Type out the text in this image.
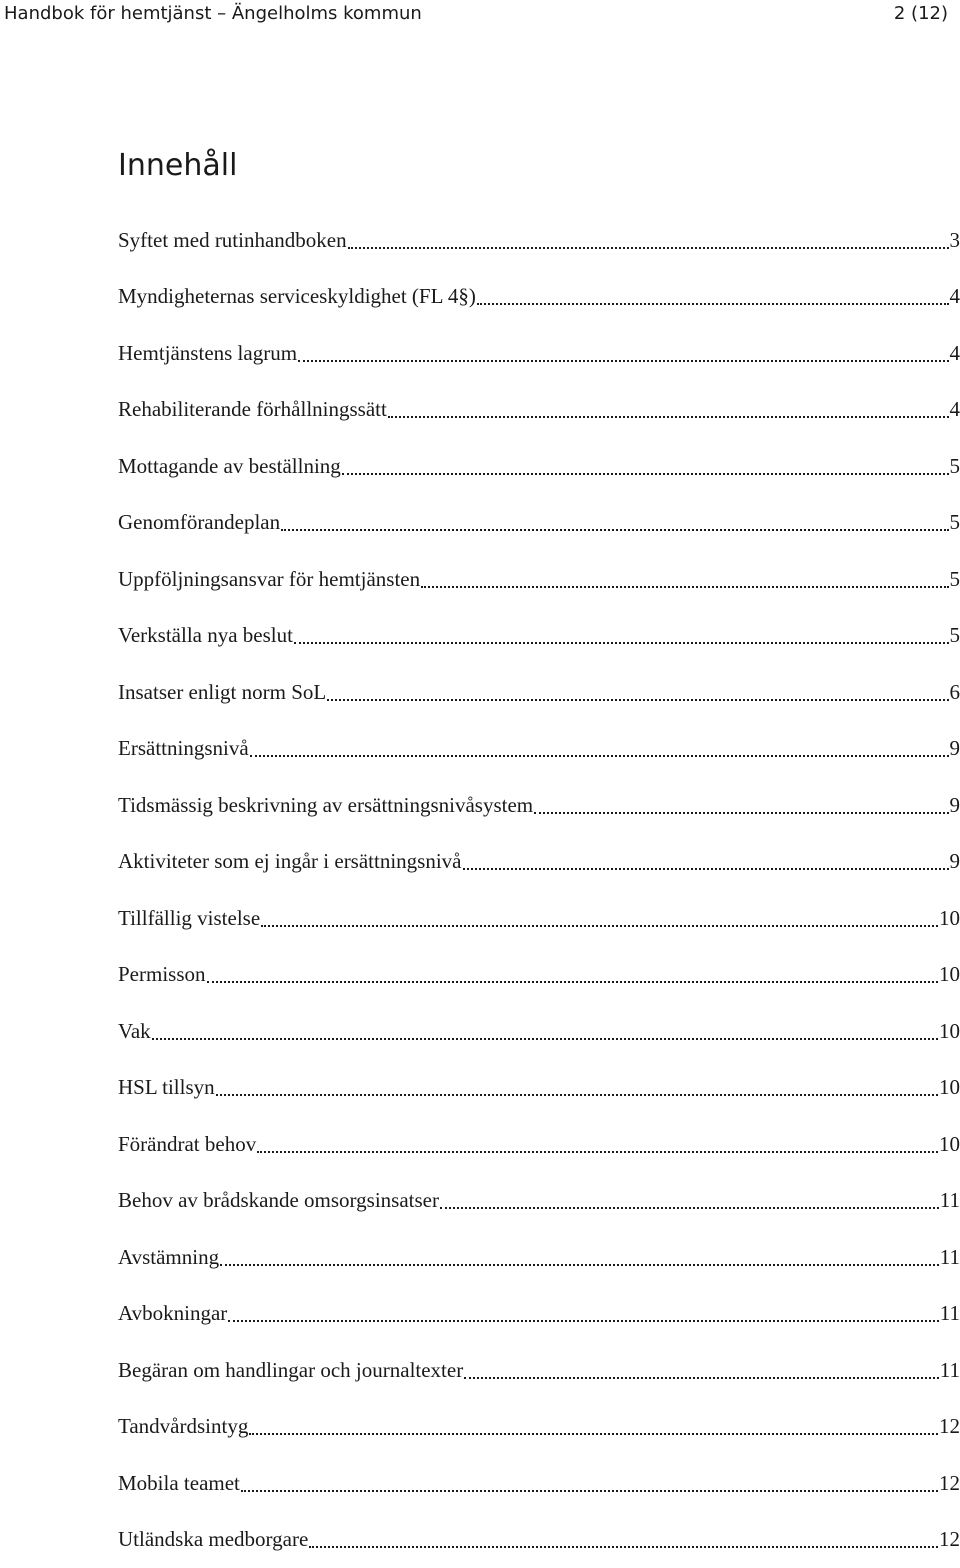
Handbok för hemtjänst – Ängelholms kommun	2 (12)
Innehåll
Syftet med rutinhandboken	3
Myndigheternas serviceskyldighet (FL 4§)	4
Hemtjänstens lagrum	4
Rehabiliterande förhållningssätt	4
Mottagande av beställning	5
Genomförandeplan	5
Uppföljningsansvar för hemtjänsten	5
Verkställa nya beslut	5
Insatser enligt norm SoL	6
Ersättningsnivå	9
Tidsmässig beskrivning av ersättningsnivåsystem	9
Aktiviteter som ej ingår i ersättningsnivå	9
Tillfällig vistelse	10
Permisson	10
Vak	10
HSL tillsyn	10
Förändrat behov	10
Behov av brådskande omsorgsinsatser	11
Avstämning	11
Avbokningar	11
Begäran om handlingar och journaltexter	11
Tandvårdsintyg	12
Mobila teamet	12
Utländska medborgare	12
